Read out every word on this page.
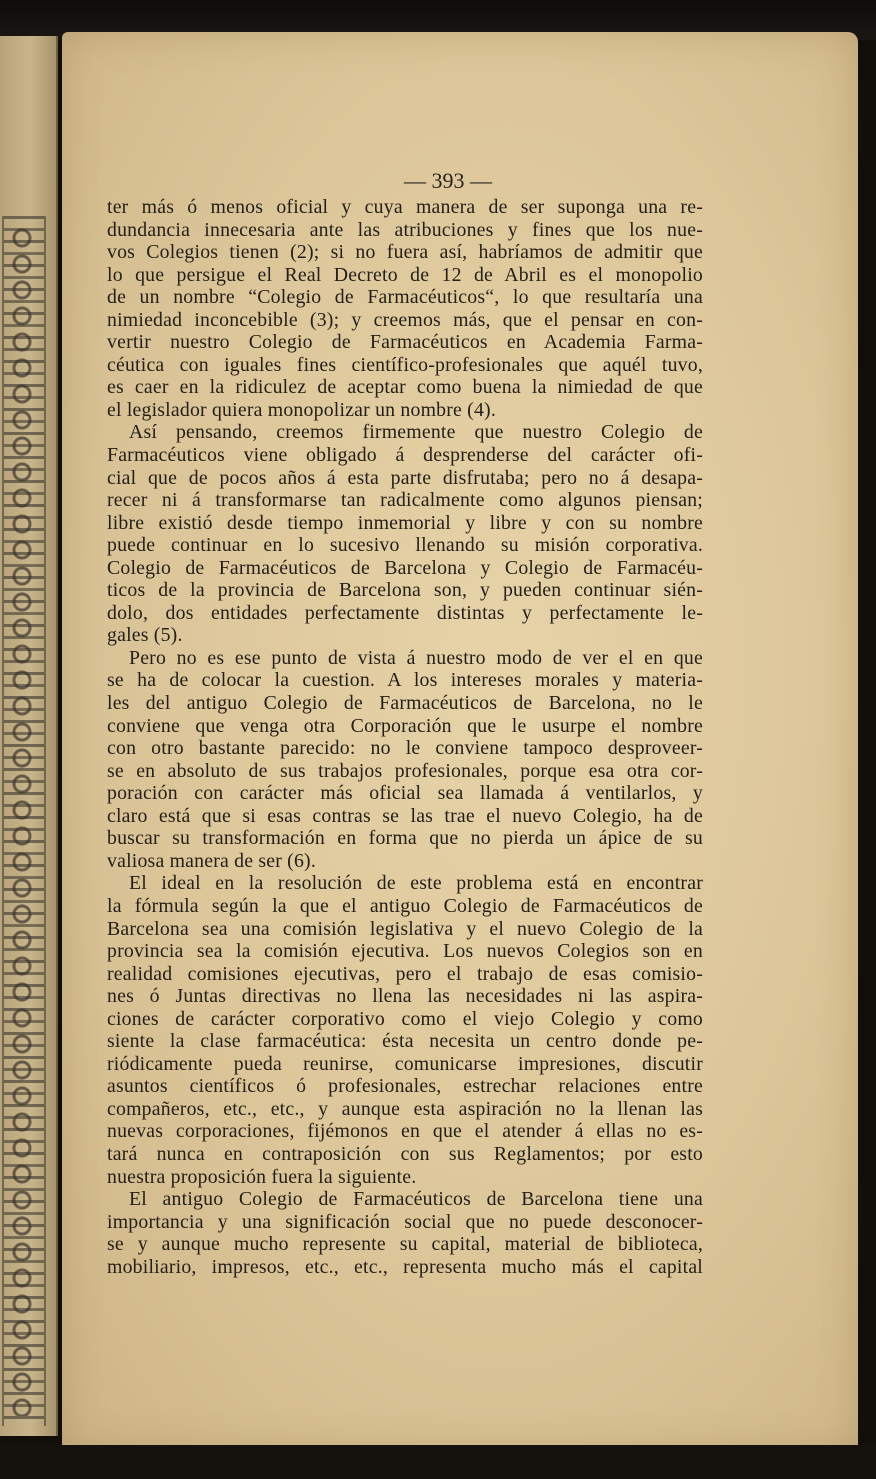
— 393 —
ter más ó menos oficial y cuya manera de ser suponga una re-
dundancia innecesaria ante las atribuciones y fines que los nue-
vos Colegios tienen (2); si no fuera así, habríamos de admitir que
lo que persigue el Real Decreto de 12 de Abril es el monopolio
de un nombre “Colegio de Farmacéuticos“, lo que resultaría una
nimiedad inconcebible (3); y creemos más, que el pensar en con-
vertir nuestro Colegio de Farmacéuticos en Academia Farma-
céutica con iguales fines científico-profesionales que aquél tuvo,
es caer en la ridiculez de aceptar como buena la nimiedad de que
el legislador quiera monopolizar un nombre (4).
Así pensando, creemos firmemente que nuestro Colegio de
Farmacéuticos viene obligado á desprenderse del carácter ofi-
cial que de pocos años á esta parte disfrutaba; pero no á desapa-
recer ni á transformarse tan radicalmente como algunos piensan;
libre existió desde tiempo inmemorial y libre y con su nombre
puede continuar en lo sucesivo llenando su misión corporativa.
Colegio de Farmacéuticos de Barcelona y Colegio de Farmacéu-
ticos de la provincia de Barcelona son, y pueden continuar sién-
dolo, dos entidades perfectamente distintas y perfectamente le-
gales (5).
Pero no es ese punto de vista á nuestro modo de ver el en que
se ha de colocar la cuestion. A los intereses morales y materia-
les del antiguo Colegio de Farmacéuticos de Barcelona, no le
conviene que venga otra Corporación que le usurpe el nombre
con otro bastante parecido: no le conviene tampoco desproveer-
se en absoluto de sus trabajos profesionales, porque esa otra cor-
poración con carácter más oficial sea llamada á ventilarlos, y
claro está que si esas contras se las trae el nuevo Colegio, ha de
buscar su transformación en forma que no pierda un ápice de su
valiosa manera de ser (6).
El ideal en la resolución de este problema está en encontrar
la fórmula según la que el antiguo Colegio de Farmacéuticos de
Barcelona sea una comisión legislativa y el nuevo Colegio de la
provincia sea la comisión ejecutiva. Los nuevos Colegios son en
realidad comisiones ejecutivas, pero el trabajo de esas comisio-
nes ó Juntas directivas no llena las necesidades ni las aspira-
ciones de carácter corporativo como el viejo Colegio y como
siente la clase farmacéutica: ésta necesita un centro donde pe-
riódicamente pueda reunirse, comunicarse impresiones, discutir
asuntos científicos ó profesionales, estrechar relaciones entre
compañeros, etc., etc., y aunque esta aspiración no la llenan las
nuevas corporaciones, fijémonos en que el atender á ellas no es-
tará nunca en contraposición con sus Reglamentos; por esto
nuestra proposición fuera la siguiente.
El antiguo Colegio de Farmacéuticos de Barcelona tiene una
importancia y una significación social que no puede desconocer-
se y aunque mucho represente su capital, material de biblioteca,
mobiliario, impresos, etc., etc., representa mucho más el capital
